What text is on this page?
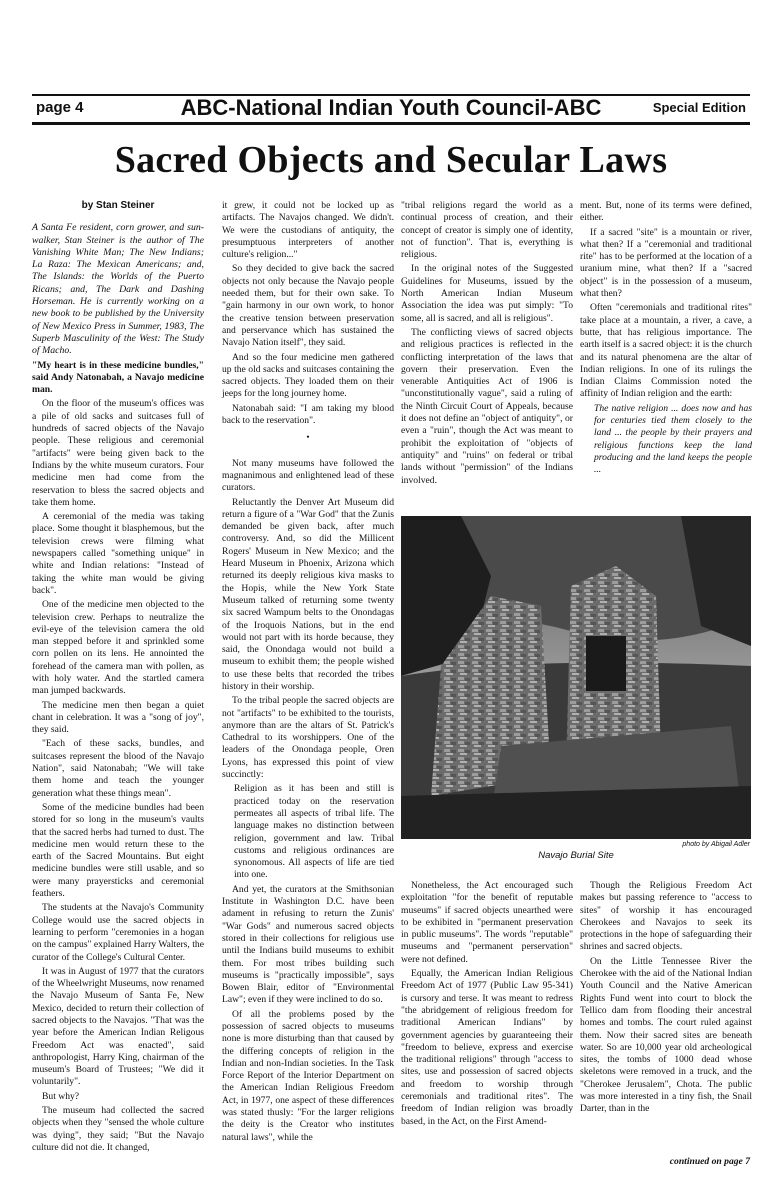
page 4	ABC-National Indian Youth Council-ABC	Special Edition
Sacred Objects and Secular Laws
by Stan Steiner

A Santa Fe resident, corn grower, and sun-walker, Stan Steiner is the author of The Vanishing White Man; The New Indians; La Raza: The Mexican Americans; and, The Islands: the Worlds of the Puerto Ricans; and, The Dark and Dashing Horseman. He is currently working on a new book to be published by the University of New Mexico Press in Summer, 1983, The Superb Masculinity of the West: The Study of Macho.

"My heart is in these medicine bundles," said Andy Natonabah, a Navajo medicine man.

On the floor of the museum's offices was a pile of old sacks and suitcases full of hundreds of sacred objects of the Navajo people. These religious and ceremonial "artifacts" were being given back to the Indians by the white museum curators. Four medicine men had come from the reservation to bless the sacred objects and take them home.

A ceremonial of the media was taking place. Some thought it blasphemous, but the television crews were filming what newspapers called "something unique" in white and Indian relations: "Instead of taking the white man would be giving back".

One of the medicine men objected to the television crew. Perhaps to neutralize the evil-eye of the television camera the old man stepped before it and sprinkled some corn pollen on its lens. He annointed the forehead of the camera man with pollen, as with holy water. And the startled camera man jumped backwards.

The medicine men then began a quiet chant in celebration. It was a "song of joy", they said.

"Each of these sacks, bundles, and suitcases represent the blood of the Navajo Nation", said Natonabah; "We will take them home and teach the younger generation what these things mean".

Some of the medicine bundles had been stored for so long in the museum's vaults that the sacred herbs had turned to dust. The medicine men would return these to the earth of the Sacred Mountains. But eight medicine bundles were still usable, and so were many prayersticks and ceremonial feathers.

The students at the Navajo's Community College would use the sacred objects in learning to perform "ceremonies in a hogan on the campus" explained Harry Walters, the curator of the College's Cultural Center.

It was in August of 1977 that the curators of the Wheelwright Museums, now renamed the Navajo Museum of Santa Fe, New Mexico, decided to return their collection of sacred objects to the Navajos. "That was the year before the American Indian Religous Freedom Act was enacted", said anthropologist, Harry King, chairman of the museum's Board of Trustees; "We did it voluntarily".

But why?

The museum had collected the sacred objects when they "sensed the whole culture was dying", they said; "But the Navajo culture did not die. It changed,

it grew, it could not be locked up as artifacts. The Navajos changed. We didn't. We were the custodians of antiquity, the presumptuous interpreters of another culture's religion..."

So they decided to give back the sacred objects not only because the Navajo people needed them, but for their own sake. To "gain harmony in our own work, to honor the creative tension between preservation and perservance which has sustained the Navajo Nation itself", they said.

And so the four medicine men gathered up the old sacks and suitcases containing the sacred objects. They loaded them on their jeeps for the long journey home.

Natonabah said: "I am taking my blood back to the reservation".

•

Not many museums have followed the magnanimous and enlightened lead of these curators.

Reluctantly the Denver Art Museum did return a figure of a "War God" that the Zunis demanded be given back, after much controversy. And, so did the Millicent Rogers' Museum in New Mexico; and the Heard Museum in Phoenix, Arizona which returned its deeply religious kiva masks to the Hopis, while the New York State Museum talked of returning some twenty six sacred Wampum belts to the Onondagas of the Iroquois Nations, but in the end would not part with its horde because, they said, the Onondaga would not build a museum to exhibit them; the people wished to use these belts that recorded the tribes history in their worship.

To the tribal people the sacred objects are not "artifacts" to be exhibited to the tourists, anymore than are the altars of St. Patrick's Cathedral to its worshippers. One of the leaders of the Onondaga people, Oren Lyons, has expressed this point of view succinctly:

Religion as it has been and still is practiced today on the reservation permeates all aspects of tribal life. The language makes no distinction between religion, government and law. Tribal customs and religious ordinances are synonomous. All aspects of life are tied into one.

And yet, the curators at the Smithsonian Institute in Washington D.C. have been adament in refusing to return the Zunis' "War Gods" and numerous sacred objects stored in their collections for religious use until the Indians build museums to exhibit them. For most tribes building such museums is "practically impossible", says Bowen Blair, editor of "Environmental Law"; even if they were inclined to do so.

Of all the problems posed by the possession of sacred objects to museums none is more disturbing than that caused by the differing concepts of religion in the Indian and non-Indian societies. In the Task Force Report of the Interior Department on the American Indian Religious Freedom Act, in 1977, one aspect of these differences was stated thusly: "For the larger religions the deity is the Creator who institutes natural laws", while the

"tribal religions regard the world as a continual process of creation, and their concept of creator is simply one of identity, not of function". That is, everything is religious.

In the original notes of the Suggested Guidelines for Museums, issued by the North American Indian Museum Association the idea was put simply: "To some, all is sacred, and all is religious".

The conflicting views of sacred objects and religious practices is reflected in the conflicting interpretation of the laws that govern their preservation. Even the venerable Antiquities Act of 1906 is "unconstitutionally vague", said a ruling of the Ninth Circuit Court of Appeals, because it does not define an "object of antiquity", or even a "ruin", though the Act was meant to prohibit the exploitation of "objects of antiquity" and "ruins" on federal or tribal lands without "permission" of the Indians involved.

ment. But, none of its terms were defined, either.

If a sacred "site" is a mountain or river, what then? If a "ceremonial and traditional rite" has to be performed at the location of a uranium mine, what then? If a "sacred object" is in the possession of a museum, what then?

Often "ceremonials and traditional rites" take place at a mountain, a river, a cave, a butte, that has religious importance. The earth itself is a sacred object: it is the church and its natural phenomena are the altar of Indian religions. In one of its rulings the Indian Claims Commission noted the affinity of Indian religion and the earth:

The native religion ... does now and has for centuries tied them closely to the land ... the people by their prayers and religious functions keep the land producing and the land keeps the people ...

photo by Abigail Adler
Navajo Burial Site

Nonetheless, the Act encouraged such exploitation "for the benefit of reputable museums" if sacred objects unearthed were to be exhibited in "permanent preservation in public museums". The words "reputable" museums and "permanent perservation" were not defined.

Equally, the American Indian Religious Freedom Act of 1977 (Public Law 95-341) is cursory and terse. It was meant to redress "the abridgement of religious freedom for traditional American Indians" by government agencies by guaranteeing their "freedom to believe, express and exercise the traditional religions" through "access to sites, use and possession of sacred objects and freedom to worship through ceremonials and traditional rites". The freedom of Indian religion was broadly based, in the Act, on the First Amend-

Though the Religious Freedom Act makes but passing reference to "access to sites" of worship it has encouraged Cherokees and Navajos to seek its protections in the hope of safeguarding their shrines and sacred objects.

On the Little Tennessee River the Cherokee with the aid of the National Indian Youth Council and the Native American Rights Fund went into court to block the Tellico dam from flooding their ancestral homes and tombs. The court ruled against them. Now their sacred sites are beneath water. So are 10,000 year old archeological sites, the tombs of 1000 dead whose skeletons were removed in a truck, and the "Cherokee Jerusalem", Chota. The public was more interested in a tiny fish, the Snail Darter, than in the

continued on page 7
